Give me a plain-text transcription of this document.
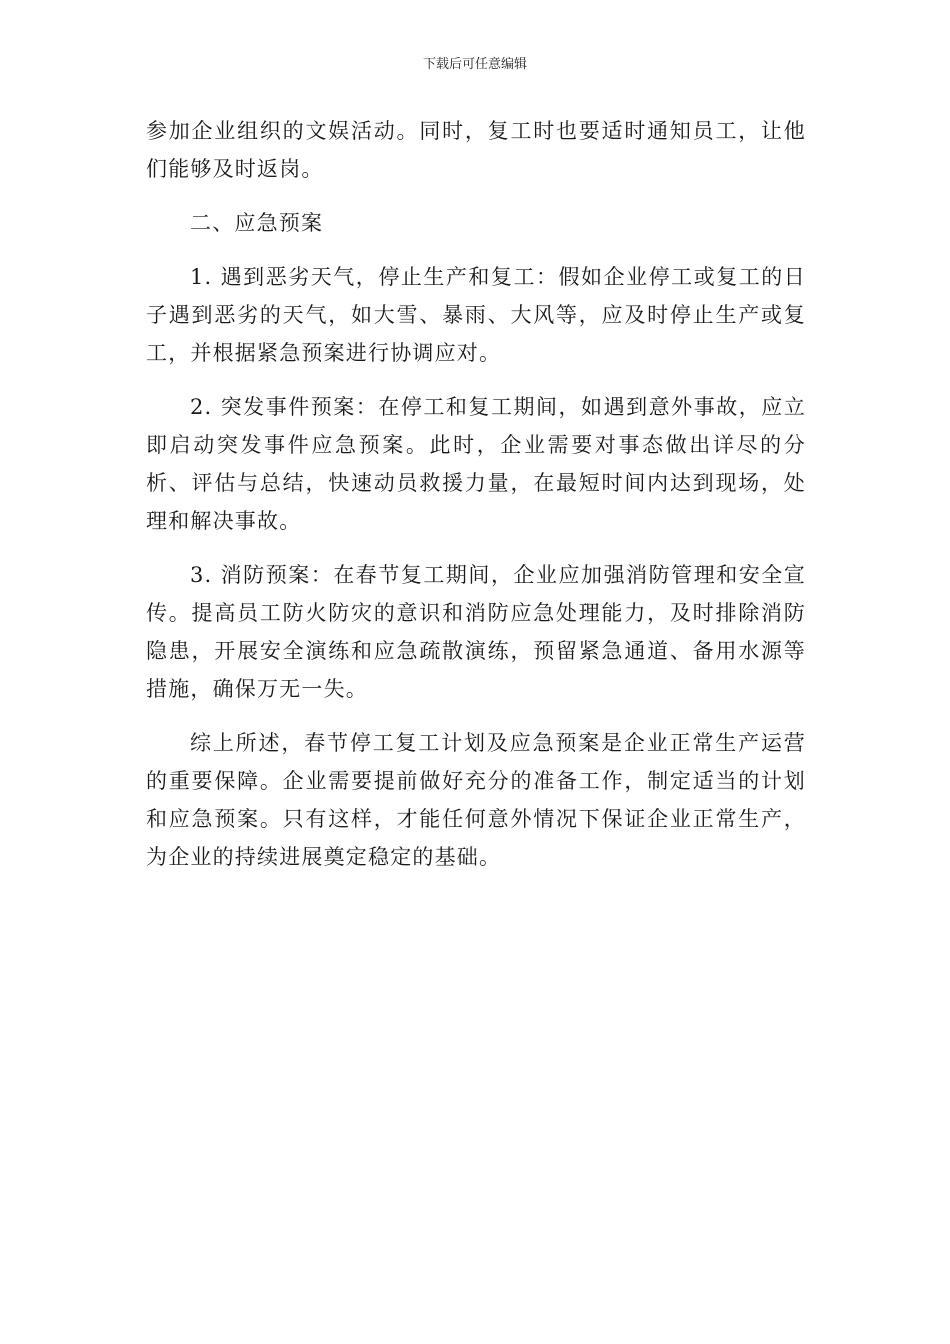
下载后可任意编辑

参加企业组织的文娱活动。同时，复工时也要适时通知员工，让他们能够及时返岗。

二、应急预案

1. 遇到恶劣天气，停止生产和复工：假如企业停工或复工的日子遇到恶劣的天气，如大雪、暴雨、大风等，应及时停止生产或复工，并根据紧急预案进行协调应对。

2. 突发事件预案：在停工和复工期间，如遇到意外事故，应立即启动突发事件应急预案。此时，企业需要对事态做出详尽的分析、评估与总结，快速动员救援力量，在最短时间内达到现场，处理和解决事故。

3. 消防预案：在春节复工期间，企业应加强消防管理和安全宣传。提高员工防火防灾的意识和消防应急处理能力，及时排除消防隐患，开展安全演练和应急疏散演练，预留紧急通道、备用水源等措施，确保万无一失。

综上所述，春节停工复工计划及应急预案是企业正常生产运营的重要保障。企业需要提前做好充分的准备工作，制定适当的计划和应急预案。只有这样，才能任何意外情况下保证企业正常生产，为企业的持续进展奠定稳定的基础。
